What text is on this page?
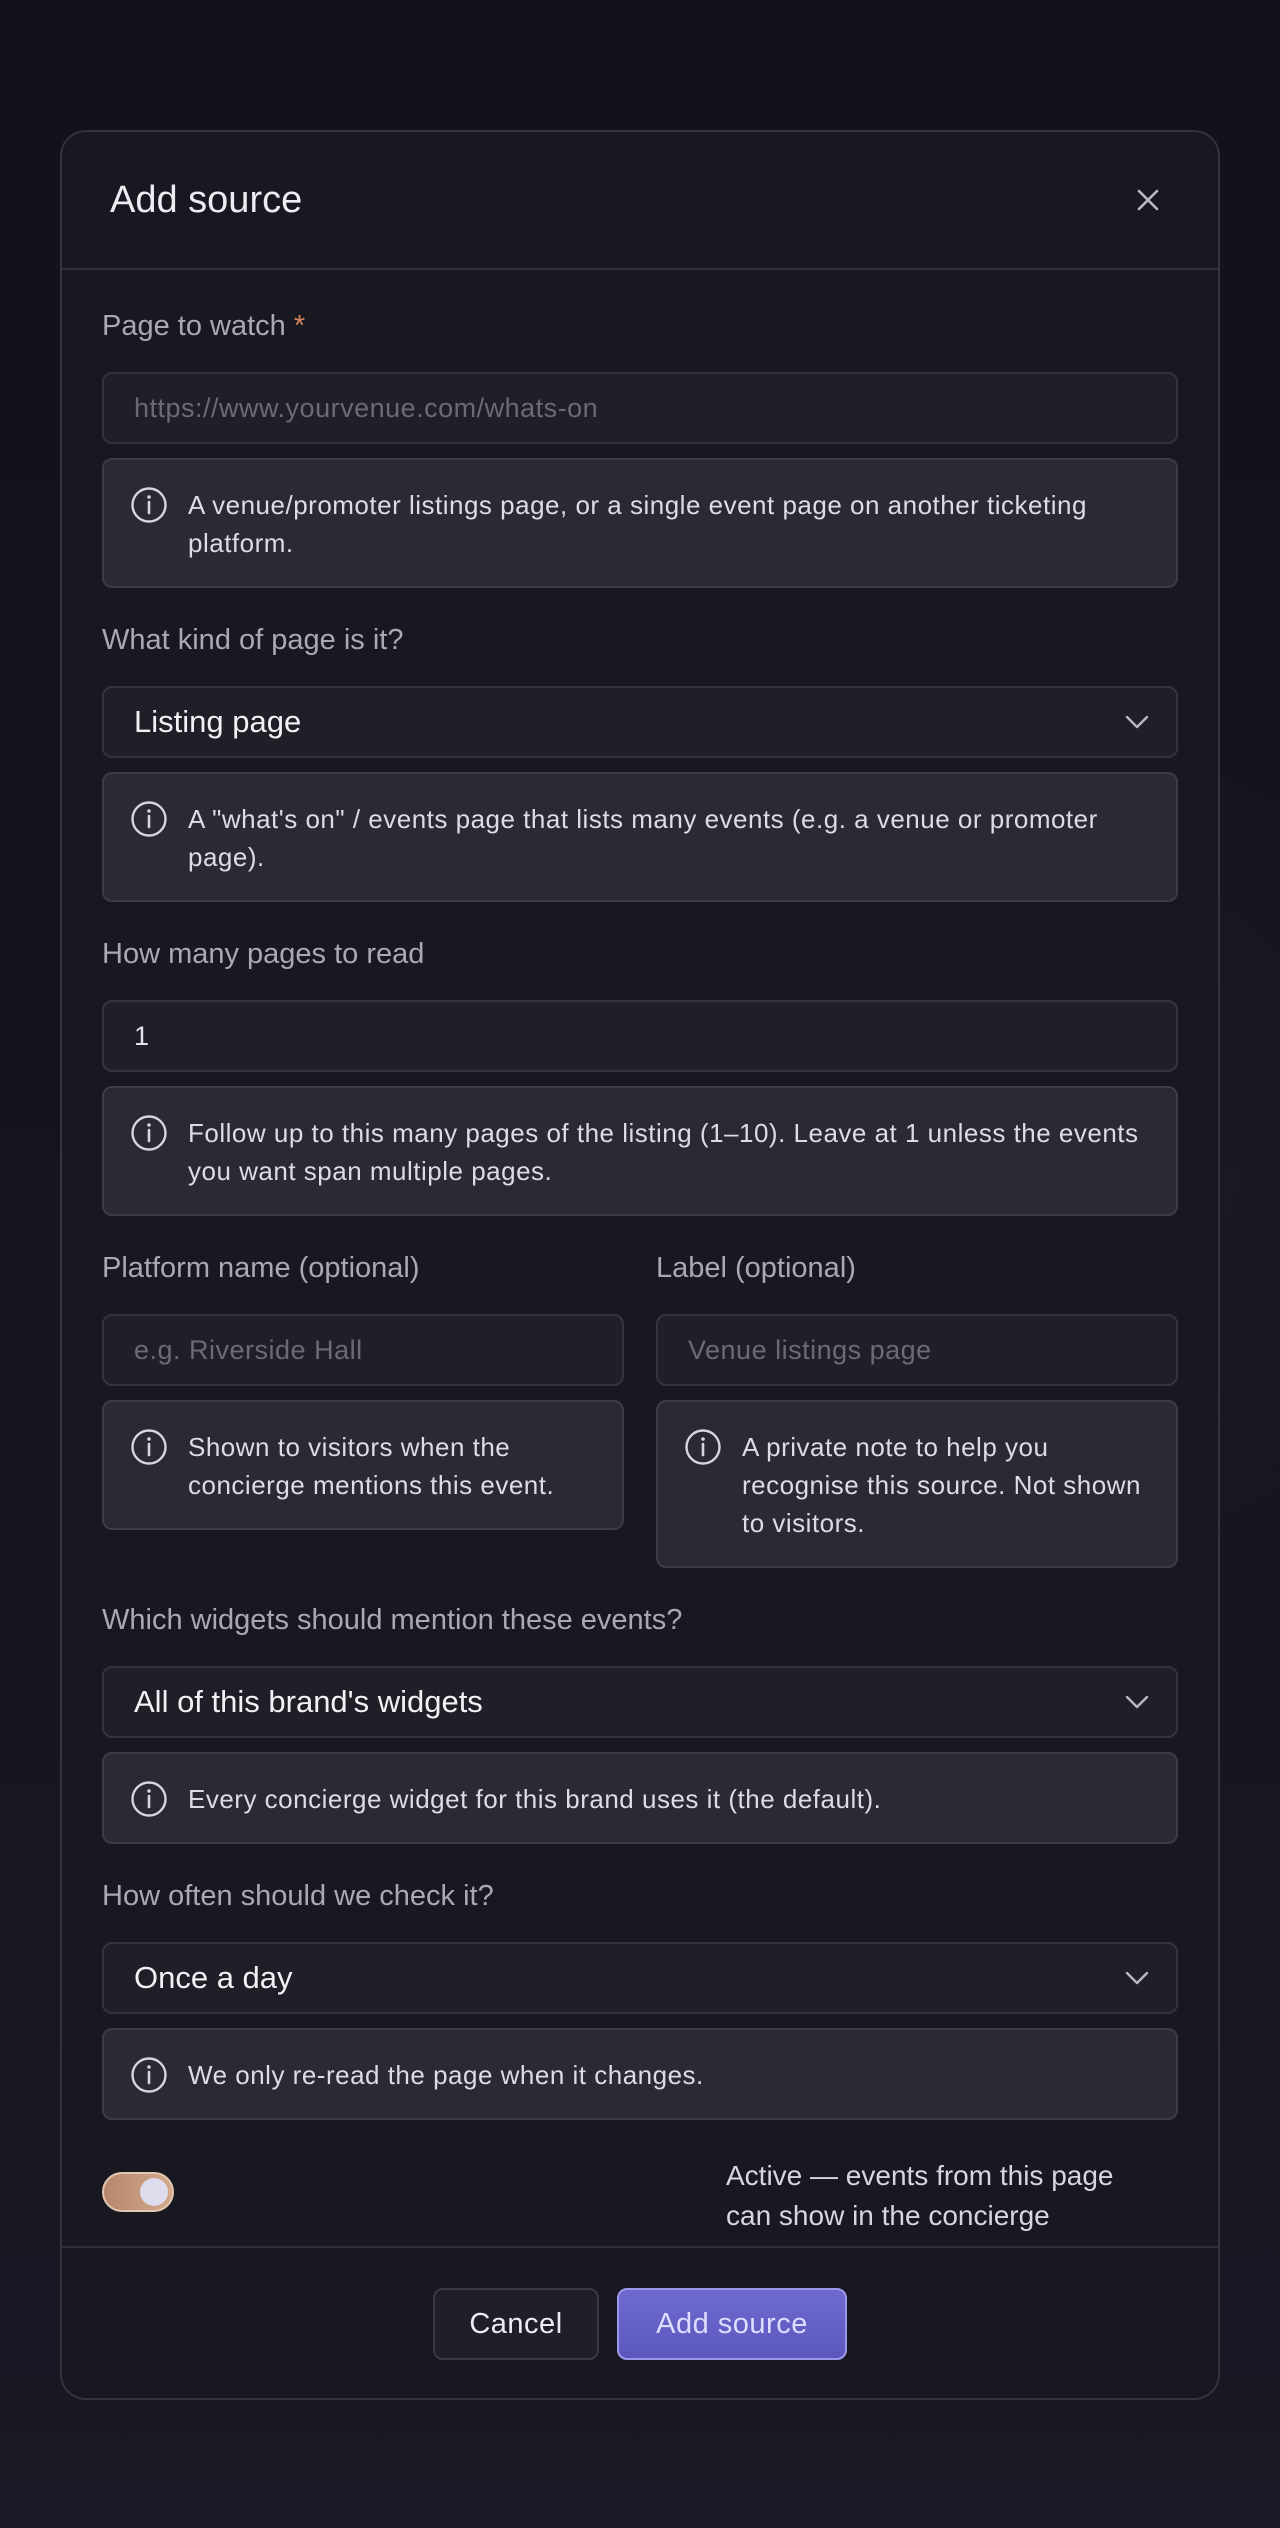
Add source
Page to watch *
https://www.yourvenue.com/whats-on

A venue/promoter listings page, or a single event page on another ticketing platform.

What kind of page is it?
Listing page

A "what's on" / events page that lists many events (e.g. a venue or promoter page).

How many pages to read
1

Follow up to this many pages of the listing (1–10). Leave at 1 unless the events you want span multiple pages.

Platform name (optional)
e.g. Riverside Hall

Shown to visitors when the concierge mentions this event.

Label (optional)
Venue listings page

A private note to help you recognise this source. Not shown to visitors.

Which widgets should mention these events?
All of this brand's widgets

Every concierge widget for this brand uses it (the default).

How often should we check it?
Once a day

We only re-read the page when it changes.

Active — events from this page can show in the concierge

Cancel	Add source
